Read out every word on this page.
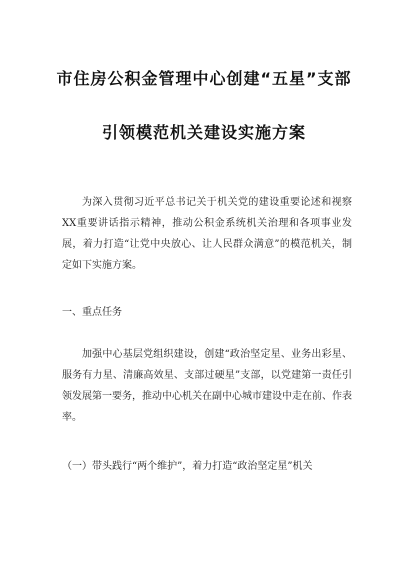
市住房公积金管理中心创建“五星”支部
引领模范机关建设实施方案

为深入贯彻习近平总书记关于机关党的建设重要论述和视察XX重要讲话指示精神，推动公积金系统机关治理和各项事业发展，着力打造“让党中央放心、让人民群众满意”的模范机关，制定如下实施方案。

一、重点任务

加强中心基层党组织建设，创建“政治坚定星、业务出彩星、服务有力星、清廉高效星、支部过硬星”支部，以党建第一责任引领发展第一要务，推动中心机关在副中心城市建设中走在前、作表率。

（一）带头践行“两个维护”，着力打造“政治坚定星”机关
